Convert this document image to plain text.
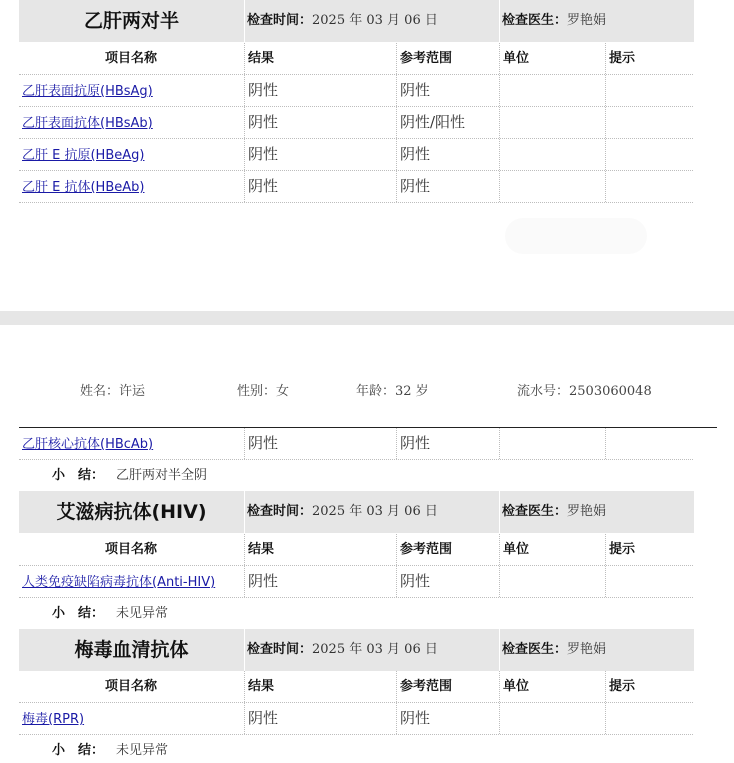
乙肝两对半	检查时间：2025 年 03 月 06 日	检查医生：罗艳娟
项目名称	结果	参考范围	单位	提示
乙肝表面抗原(HBsAg)	阴性	阴性
乙肝表面抗体(HBsAb)	阴性	阴性/阳性
乙肝 E 抗原(HBeAg)	阴性	阴性
乙肝 E 抗体(HBeAb)	阴性	阴性
姓名：许运	性别：女	年龄：32 岁	流水号：2503060048
乙肝核心抗体(HBcAb)	阴性	阴性
小　结： 乙肝两对半全阴
艾滋病抗体(HIV)	检查时间：2025 年 03 月 06 日	检查医生：罗艳娟
项目名称	结果	参考范围	单位	提示
人类免疫缺陷病毒抗体(Anti-HIV)	阴性	阴性
小　结： 未见异常
梅毒血清抗体	检查时间：2025 年 03 月 06 日	检查医生：罗艳娟
项目名称	结果	参考范围	单位	提示
梅毒(RPR)	阴性	阴性
小　结： 未见异常
